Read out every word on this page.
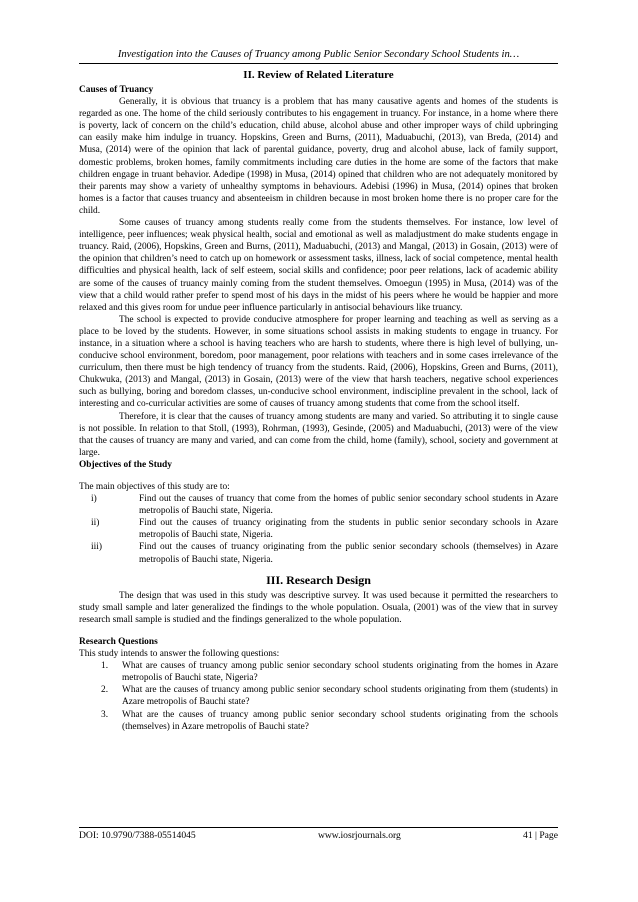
Investigation into the Causes of Truancy among Public Senior Secondary School Students in…
II. Review of Related Literature
Causes of Truancy

Generally, it is obvious that truancy is a problem that has many causative agents and homes of the students is regarded as one. The home of the child seriously contributes to his engagement in truancy. For instance, in a home where there is poverty, lack of concern on the child’s education, child abuse, alcohol abuse and other improper ways of child upbringing can easily make him indulge in truancy. Hopskins, Green and Burns, (2011), Maduabuchi, (2013), van Breda, (2014) and Musa, (2014) were of the opinion that lack of parental guidance, poverty, drug and alcohol abuse, lack of family support, domestic problems, broken homes, family commitments including care duties in the home are some of the factors that make children engage in truant behavior. Adedipe (1998) in Musa, (2014) opined that children who are not adequately monitored by their parents may show a variety of unhealthy symptoms in behaviours. Adebisi (1996) in Musa, (2014) opines that broken homes is a factor that causes truancy and absenteeism in children because in most broken home there is no proper care for the child.

Some causes of truancy among students really come from the students themselves. For instance, low level of intelligence, peer influences; weak physical health, social and emotional as well as maladjustment do make students engage in truancy. Raid, (2006), Hopskins, Green and Burns, (2011), Maduabuchi, (2013) and Mangal, (2013) in Gosain, (2013) were of the opinion that children’s need to catch up on homework or assessment tasks, illness, lack of social competence, mental health difficulties and physical health, lack of self esteem, social skills and confidence; poor peer relations, lack of academic ability are some of the causes of truancy mainly coming from the student themselves. Omoegun (1995) in Musa, (2014) was of the view that a child would rather prefer to spend most of his days in the midst of his peers where he would be happier and more relaxed and this gives room for undue peer influence particularly in antisocial behaviours like truancy.

The school is expected to provide conducive atmosphere for proper learning and teaching as well as serving as a place to be loved by the students. However, in some situations school assists in making students to engage in truancy. For instance, in a situation where a school is having teachers who are harsh to students, where there is high level of bullying, un-conducive school environment, boredom, poor management, poor relations with teachers and in some cases irrelevance of the curriculum, then there must be high tendency of truancy from the students. Raid, (2006), Hopskins, Green and Burns, (2011), Chukwuka, (2013) and Mangal, (2013) in Gosain, (2013) were of the view that harsh teachers, negative school experiences such as bullying, boring and boredom classes, un-conducive school environment, indiscipline prevalent in the school, lack of interesting and co-curricular activities are some of causes of truancy among students that come from the school itself.

Therefore, it is clear that the causes of truancy among students are many and varied. So attributing it to single cause is not possible. In relation to that Stoll, (1993), Rohrman, (1993), Gesinde, (2005) and Maduabuchi, (2013) were of the view that the causes of truancy are many and varied, and can come from the child, home (family), school, society and government at large.

Objectives of the Study

The main objectives of this study are to:

i)	Find out the causes of truancy that come from the homes of public senior secondary school students in Azare metropolis of Bauchi state, Nigeria.
ii)	Find out the causes of truancy originating from the students in public senior secondary schools in Azare metropolis of Bauchi state, Nigeria.
iii)	Find out the causes of truancy originating from the public senior secondary schools (themselves) in Azare metropolis of Bauchi state, Nigeria.
III. Research Design

The design that was used in this study was descriptive survey. It was used because it permitted the researchers to study small sample and later generalized the findings to the whole population. Osuala, (2001) was of the view that in survey research small sample is studied and the findings generalized to the whole population.

Research Questions

This study intends to answer the following questions:

1.	What are causes of truancy among public senior secondary school students originating from the homes in Azare metropolis of Bauchi state, Nigeria?
2.	What are the causes of truancy among public senior secondary school students originating from them (students) in Azare metropolis of Bauchi state?
3.	What are the causes of truancy among public senior secondary school students originating from the schools (themselves) in Azare metropolis of Bauchi state?
DOI: 10.9790/7388-05514045	www.iosrjournals.org	41 | Page
